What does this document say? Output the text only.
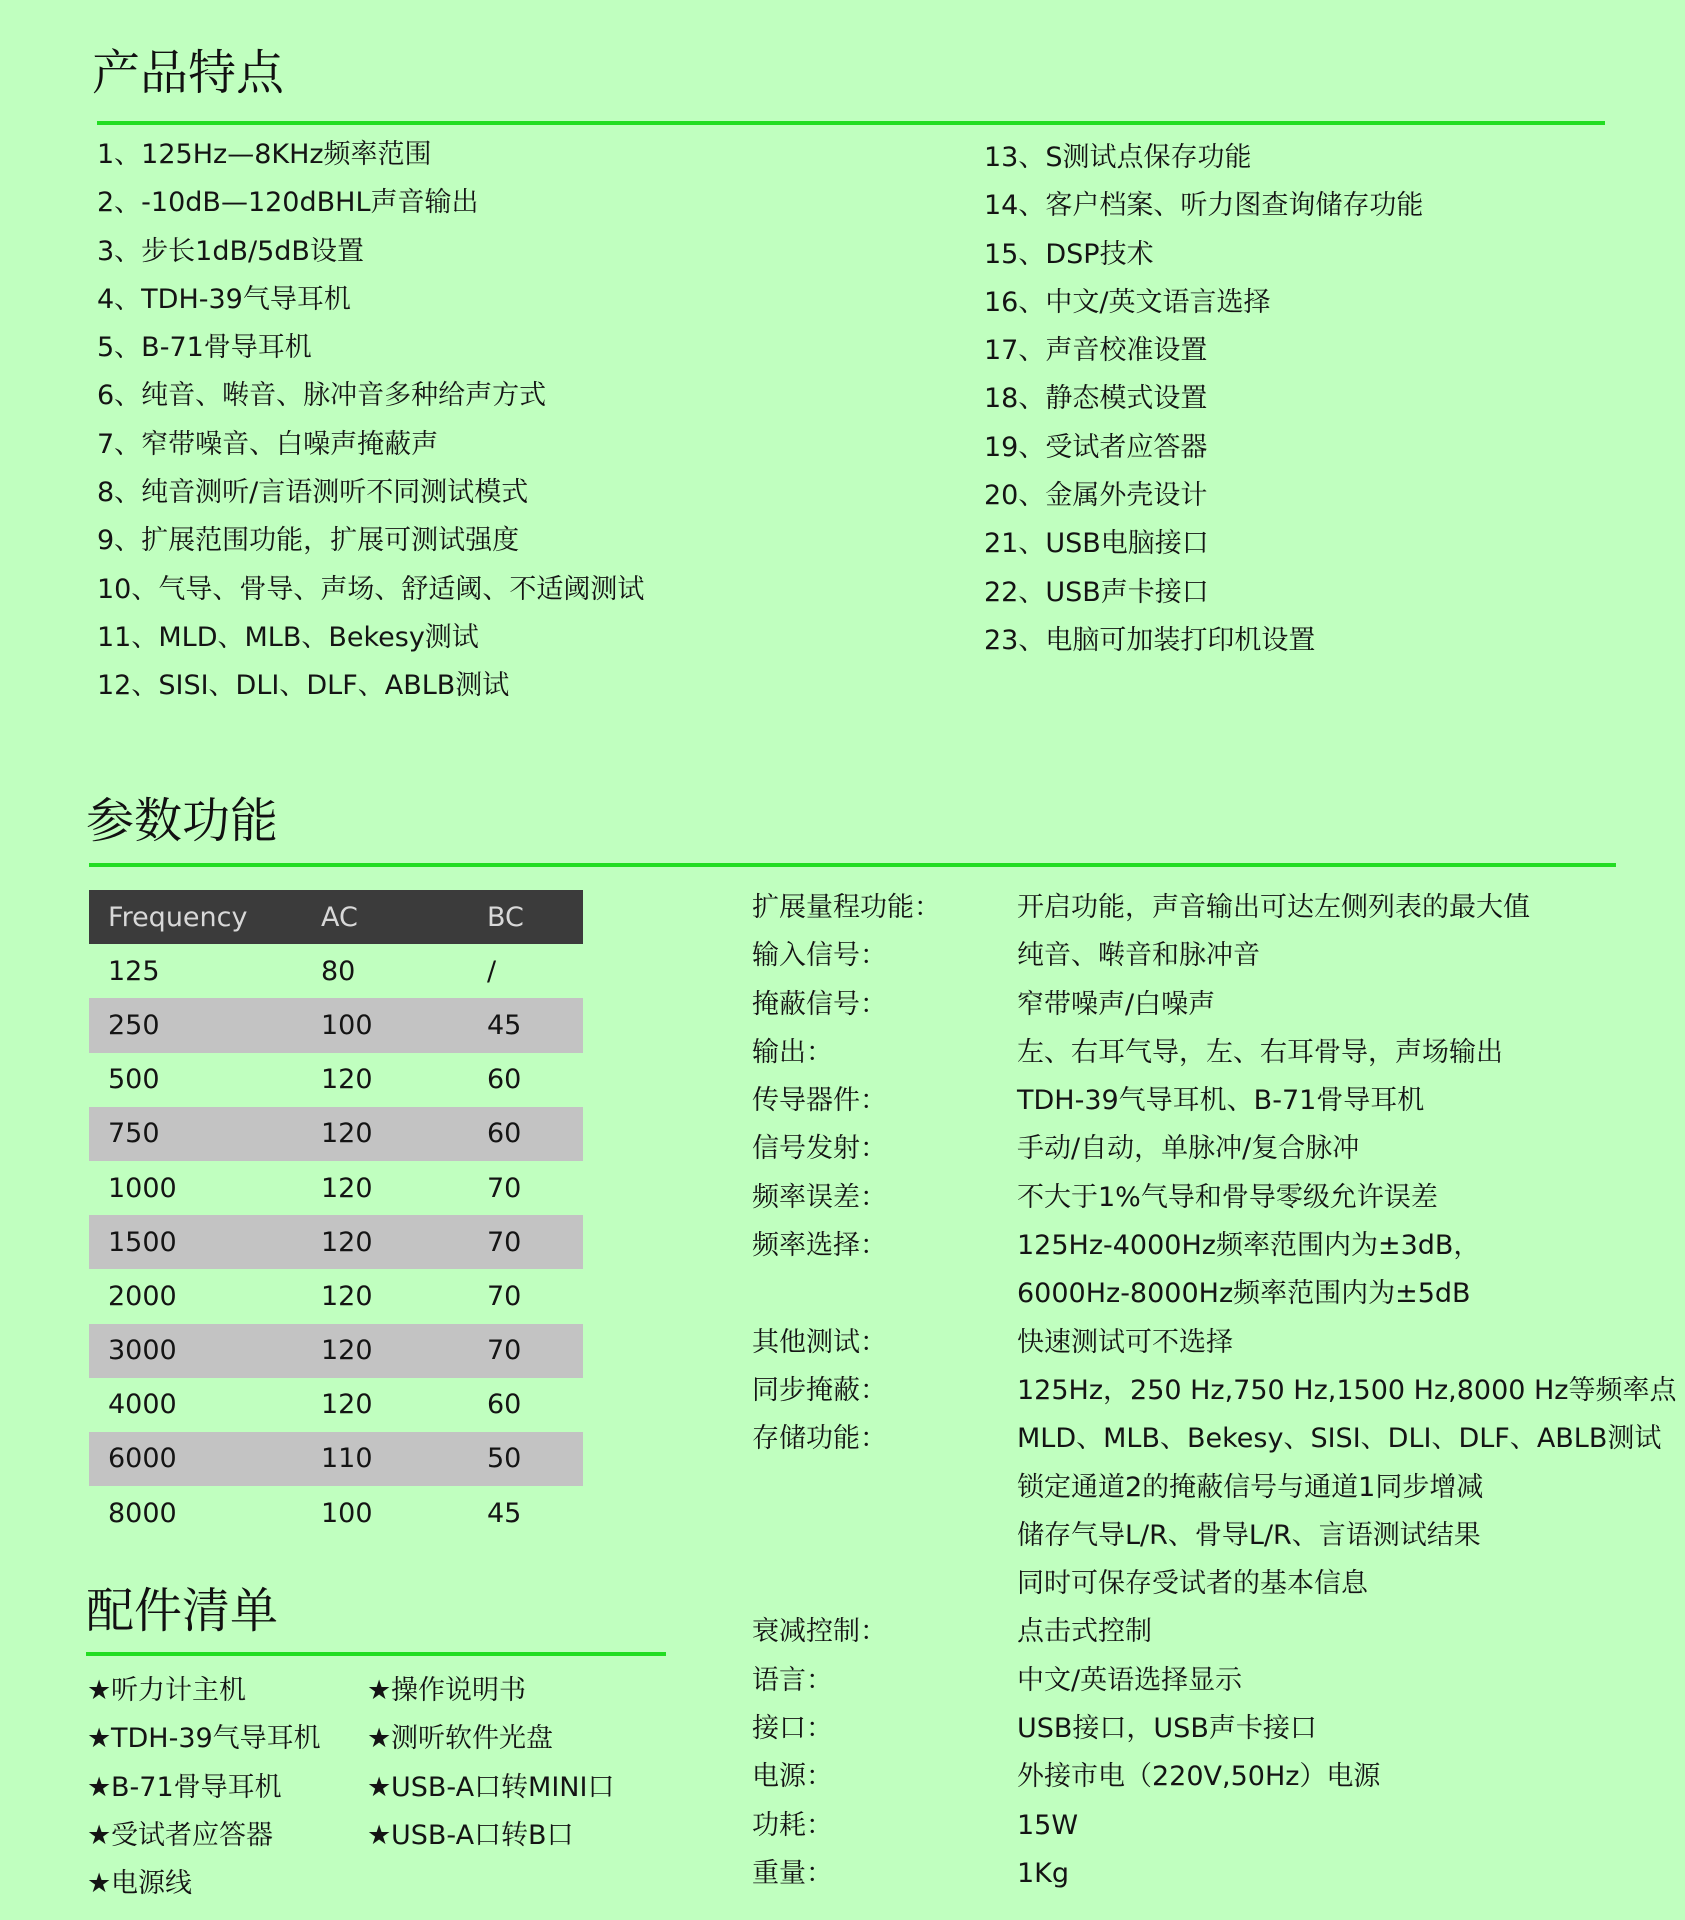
产品特点
1、125Hz—8KHz频率范围
2、-10dB—120dBHL声音输出
3、步长1dB/5dB设置
4、TDH-39气导耳机
5、B-71骨导耳机
6、纯音、啭音、脉冲音多种给声方式
7、窄带噪音、白噪声掩蔽声
8、纯音测听/言语测听不同测试模式
9、扩展范围功能，扩展可测试强度
10、气导、骨导、声场、舒适阈、不适阈测试
11、MLD、MLB、Bekesy测试
12、SISI、DLI、DLF、ABLB测试
13、S测试点保存功能
14、客户档案、听力图查询储存功能
15、DSP技术
16、中文/英文语言选择
17、声音校准设置
18、静态模式设置
19、受试者应答器
20、金属外壳设计
21、USB电脑接口
22、USB声卡接口
23、电脑可加装打印机设置
参数功能
Frequency	AC	BC
125	80	/
250	100	45
500	120	60
750	120	60
1000	120	70
1500	120	70
2000	120	70
3000	120	70
4000	120	60
6000	110	50
8000	100	45
扩展量程功能：	开启功能，声音输出可达左侧列表的最大值
输入信号：	纯音、啭音和脉冲音
掩蔽信号：	窄带噪声/白噪声
输出：	左、右耳气导，左、右耳骨导，声场输出
传导器件：	TDH-39气导耳机、B-71骨导耳机
信号发射：	手动/自动，单脉冲/复合脉冲
频率误差：	不大于1%气导和骨导零级允许误差
频率选择：	125Hz-4000Hz频率范围内为±3dB，
6000Hz-8000Hz频率范围内为±5dB
其他测试：	快速测试可不选择
同步掩蔽：	125Hz，250 Hz,750 Hz,1500 Hz,8000 Hz等频率点
存储功能：	MLD、MLB、Bekesy、SISI、DLI、DLF、ABLB测试
锁定通道2的掩蔽信号与通道1同步增减
储存气导L/R、骨导L/R、言语测试结果
同时可保存受试者的基本信息
衰减控制：	点击式控制
语言：	中文/英语选择显示
接口：	USB接口，USB声卡接口
电源：	外接市电（220V,50Hz）电源
功耗：	15W
重量：	1Kg
配件清单
★ 听力计主机	★ 操作说明书
★ TDH-39气导耳机 ★ 测听软件光盘
★ B-71骨导耳机	★ USB-A口转MINI口
★ 受试者应答器	★ USB-A口转B口
★ 电源线
